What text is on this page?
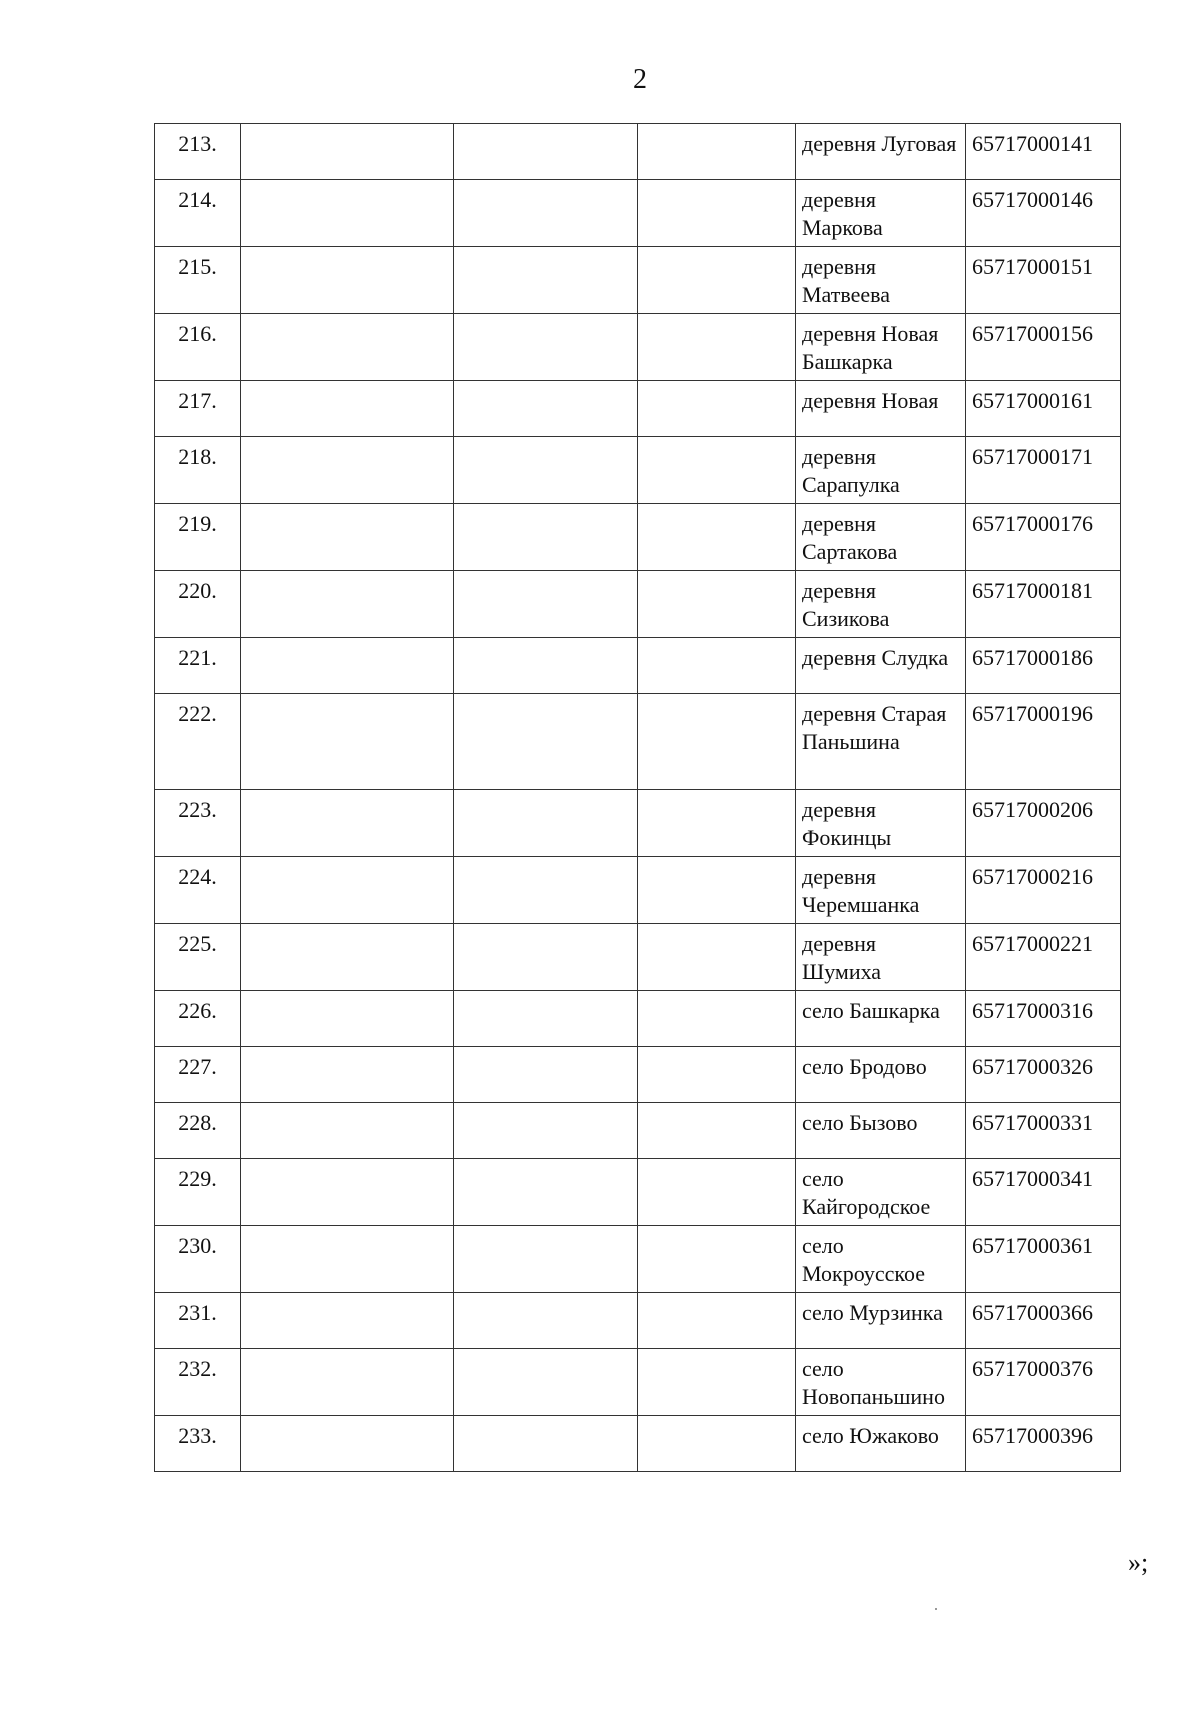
2
213.				деревня Луговая	65717000141
214.				деревня Маркова	65717000146
215.				деревня Матвеева	65717000151
216.				деревня Новая Башкарка	65717000156
217.				деревня Новая	65717000161
218.				деревня Сарапулка	65717000171
219.				деревня Сартакова	65717000176
220.				деревня Сизикова	65717000181
221.				деревня Слудка	65717000186
222.				деревня Старая Паньшина	65717000196
223.				деревня Фокинцы	65717000206
224.				деревня Черемшанка	65717000216
225.				деревня Шумиха	65717000221
226.				село Башкарка	65717000316
227.				село Бродово	65717000326
228.				село Бызово	65717000331
229.				село Кайгородское	65717000341
230.				село Мокроусское	65717000361
231.				село Мурзинка	65717000366
232.				село Новопаньшино	65717000376
233.				село Южаково	65717000396
»;
